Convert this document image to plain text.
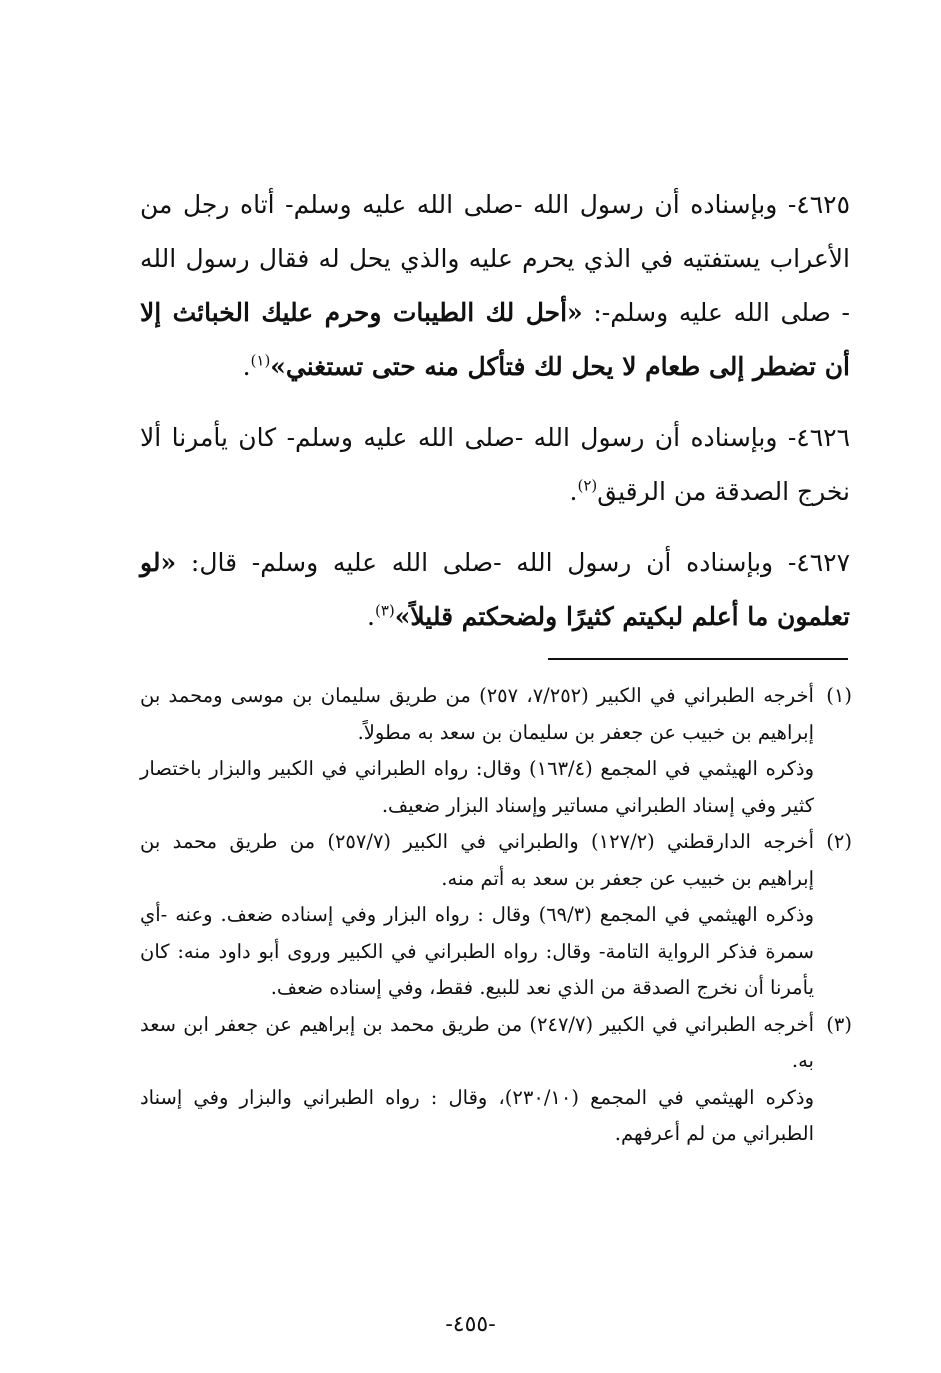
٤٦٢٥- وبإسناده أن رسول الله -صلى الله عليه وسلم- أتاه رجل من الأعراب يستفتيه في الذي يحرم عليه والذي يحل له فقال رسول الله - صلى الله عليه وسلم-: «أحل لك الطيبات وحرم عليك الخبائث إلا أن تضطر إلى طعام لا يحل لك فتأكل منه حتى تستغني»$^{(١)}$.

٤٦٢٦- وبإسناده أن رسول الله -صلى الله عليه وسلم- كان يأمرنا ألا نخرج الصدقة من الرقيق$^{(٢)}$.

٤٦٢٧- وبإسناده أن رسول الله -صلى الله عليه وسلم- قال: «لو تعلمون ما أعلم لبكيتم كثيرًا ولضحكتم قليلاً»$^{(٣)}$.

(١)
أخرجه الطبراني في الكبير (٧/٢٥٢، ٢٥٧) من طريق سليمان بن موسى ومحمد بن إبراهيم بن خبيب عن جعفر بن سليمان بن سعد به مطولاً.
وذكره الهيثمي في المجمع (١٦٣/٤) وقال: رواه الطبراني في الكبير والبزار باختصار كثير وفي إسناد الطبراني مساتير وإسناد البزار ضعيف.
(٢)
أخرجه الدارقطني (١٢٧/٢) والطبراني في الكبير (٢٥٧/٧) من طريق محمد بن إبراهيم بن خبيب عن جعفر بن سعد به أتم منه.
وذكره الهيثمي في المجمع (٦٩/٣) وقال : رواه البزار وفي إسناده ضعف. وعنه -أي سمرة فذكر الرواية التامة- وقال: رواه الطبراني في الكبير وروى أبو داود منه: كان يأمرنا أن نخرج الصدقة من الذي نعد للبيع. فقط، وفي إسناده ضعف.
(٣)
أخرجه الطبراني في الكبير (٢٤٧/٧) من طريق محمد بن إبراهيم عن جعفر ابن سعد به.
وذكره الهيثمي في المجمع (٢٣٠/١٠)، وقال : رواه الطبراني والبزار وفي إسناد الطبراني من لم أعرفهم.
-٤٥٥-
